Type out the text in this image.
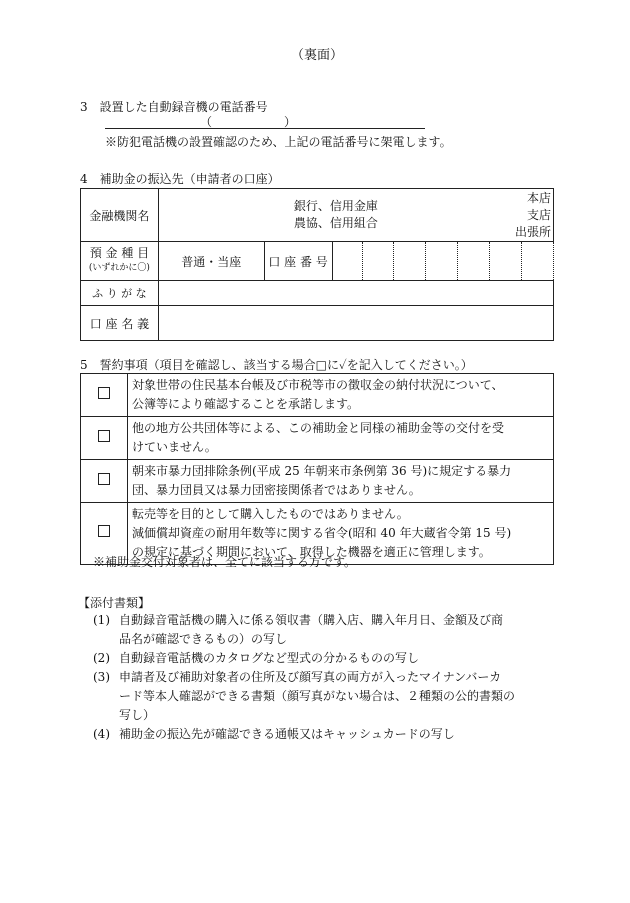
（裏面）
3　設置した自動録音機の電話番号
（　　　　　　）
※防犯電話機の設置確認のため、上記の電話番号に架電します。
4　補助金の振込先（申請者の口座）
金融機関名	銀行、信用金庫
農協、信用組合
本店
支店
出張所								

預 金 種 目
(いずれかに〇)	普通・当座	口 座 番 号							
ふ り が な									
口 座 名 義									
5　誓約事項（項目を確認し、該当する場合□に✓を記入してください。）

	対象世帯の住民基本台帳及び市税等市の徴収金の納付状況について、
公簿等により確認することを承諾します。

	他の地方公共団体等による、この補助金と同様の補助金等の交付を受
けていません。

	朝来市暴力団排除条例(平成 25 年朝来市条例第 36 号)に規定する暴力
団、暴力団員又は暴力団密接関係者ではありません。

	転売等を目的として購入したものではありません。
減価償却資産の耐用年数等に関する省令(昭和 40 年大蔵省令第 15 号)
の規定に基づく期間において、取得した機器を適正に管理します。
※補助金交付対象者は、全てに該当する方です。
【添付書類】
(1) 自動録音電話機の購入に係る領収書（購入店、購入年月日、金額及び商
品名が確認できるもの）の写し
(2) 自動録音電話機のカタログなど型式の分かるものの写し
(3) 申請者及び補助対象者の住所及び顔写真の両方が入ったマイナンバーカ
ード等本人確認ができる書類（顔写真がない場合は、２種類の公的書類の
写し）
(4) 補助金の振込先が確認できる通帳又はキャッシュカードの写し
